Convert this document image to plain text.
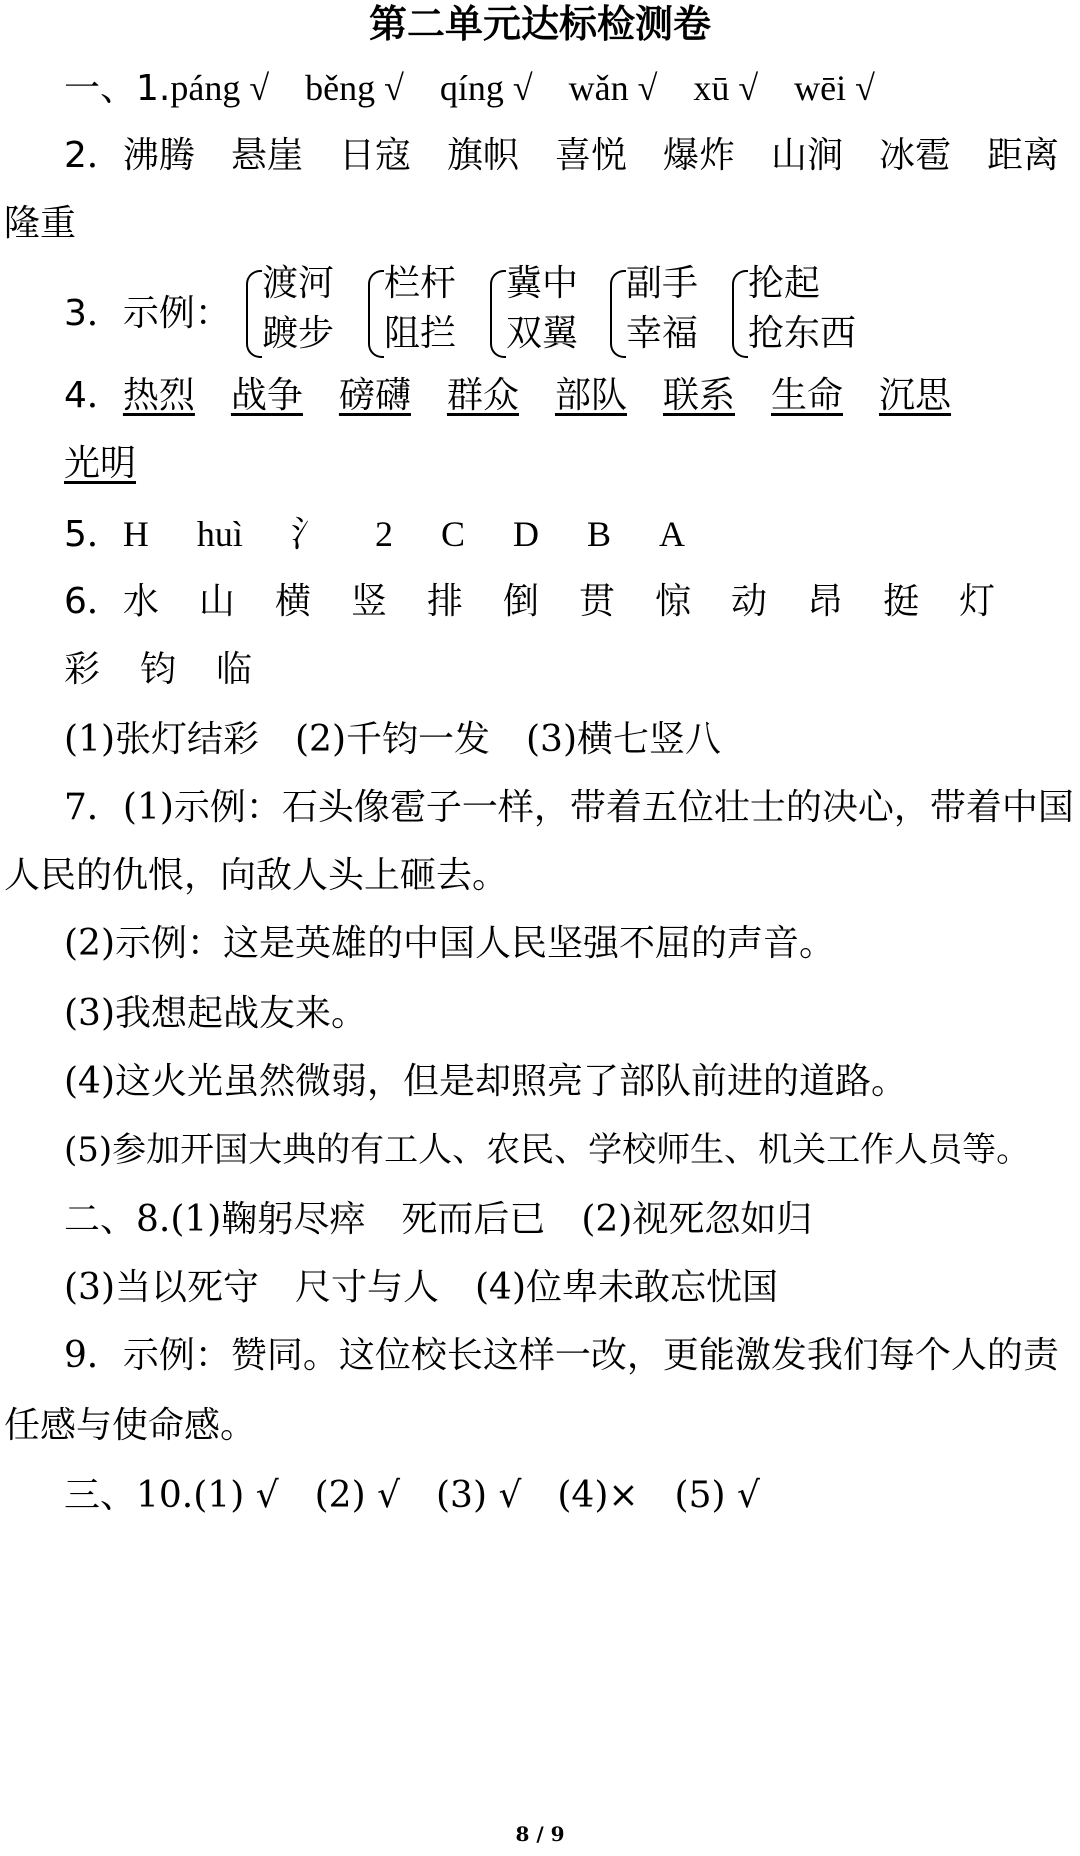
第二单元达标检测卷
一、1.páng √ běng √ qíng √ wǎn √ xū √ wēi √
2．沸腾 悬崖 日寇 旗帜 喜悦 爆炸 山涧 冰雹 距离
隆重
3．示例：
渡河
踱步
栏杆
阻拦
冀中
双翼
副手
幸福
抡起
抢东西
4．热烈 战争 磅礴 群众 部队 联系 生命 沉思
光明
5．H huì 氵 2 C D B A
6．水 山 横 竖 排 倒 贯 惊 动 昂 挺 灯
彩 钧 临
(1)张灯结彩　(2)千钧一发　(3)横七竖八
7．(1)示例：石头像雹子一样，带着五位壮士的决心，带着中国
人民的仇恨，向敌人头上砸去。
(2)示例：这是英雄的中国人民坚强不屈的声音。
(3)我想起战友来。
(4)这火光虽然微弱，但是却照亮了部队前进的道路。
(5)参加开国大典的有工人、农民、学校师生、机关工作人员等。
二、8.(1)鞠躬尽瘁　死而后已　(2)视死忽如归
(3)当以死守　尺寸与人　(4)位卑未敢忘忧国
9．示例：赞同。这位校长这样一改，更能激发我们每个人的责
任感与使命感。
三、10.(1) √　(2) √　(3) √　(4)×　(5) √
8 / 9
